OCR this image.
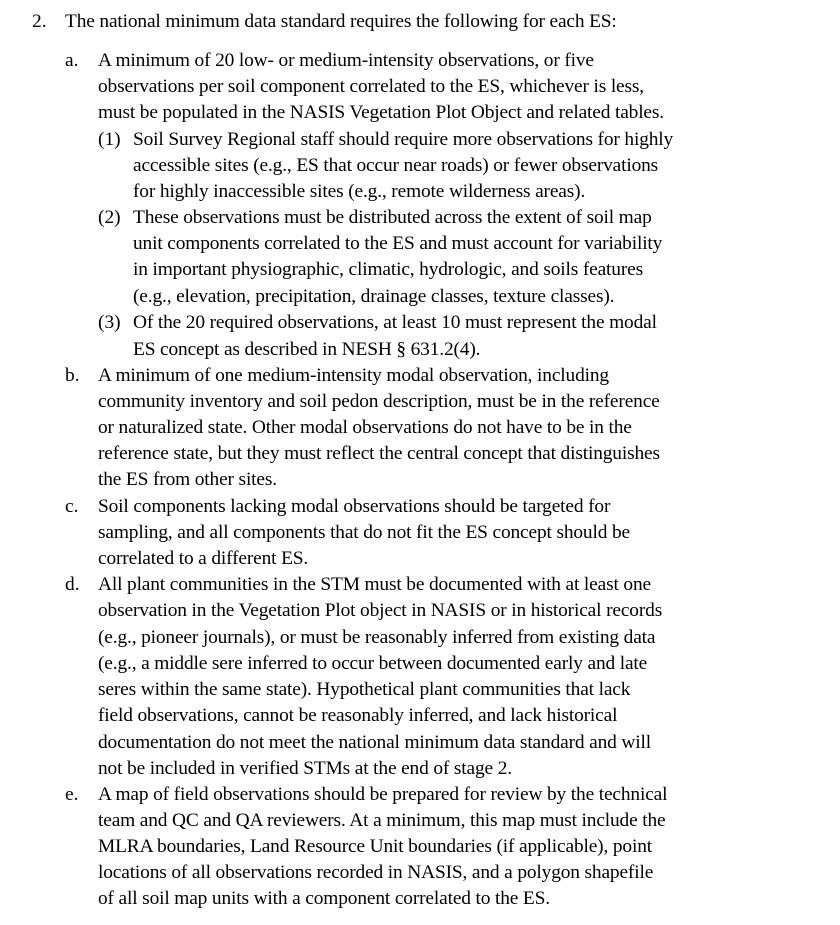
2. The national minimum data standard requires the following for each ES:
a. A minimum of 20 low- or medium-intensity observations, or five
observations per soil component correlated to the ES, whichever is less,
must be populated in the NASIS Vegetation Plot Object and related tables.
(1) Soil Survey Regional staff should require more observations for highly
accessible sites (e.g., ES that occur near roads) or fewer observations
for highly inaccessible sites (e.g., remote wilderness areas).
(2) These observations must be distributed across the extent of soil map
unit components correlated to the ES and must account for variability
in important physiographic, climatic, hydrologic, and soils features
(e.g., elevation, precipitation, drainage classes, texture classes).
(3) Of the 20 required observations, at least 10 must represent the modal
ES concept as described in NESH § 631.2(4).
b. A minimum of one medium-intensity modal observation, including
community inventory and soil pedon description, must be in the reference
or naturalized state. Other modal observations do not have to be in the
reference state, but they must reflect the central concept that distinguishes
the ES from other sites.
c. Soil components lacking modal observations should be targeted for
sampling, and all components that do not fit the ES concept should be
correlated to a different ES.
d. All plant communities in the STM must be documented with at least one
observation in the Vegetation Plot object in NASIS or in historical records
(e.g., pioneer journals), or must be reasonably inferred from existing data
(e.g., a middle sere inferred to occur between documented early and late
seres within the same state). Hypothetical plant communities that lack
field observations, cannot be reasonably inferred, and lack historical
documentation do not meet the national minimum data standard and will
not be included in verified STMs at the end of stage 2.
e. A map of field observations should be prepared for review by the technical
team and QC and QA reviewers. At a minimum, this map must include the
MLRA boundaries, Land Resource Unit boundaries (if applicable), point
locations of all observations recorded in NASIS, and a polygon shapefile
of all soil map units with a component correlated to the ES.
